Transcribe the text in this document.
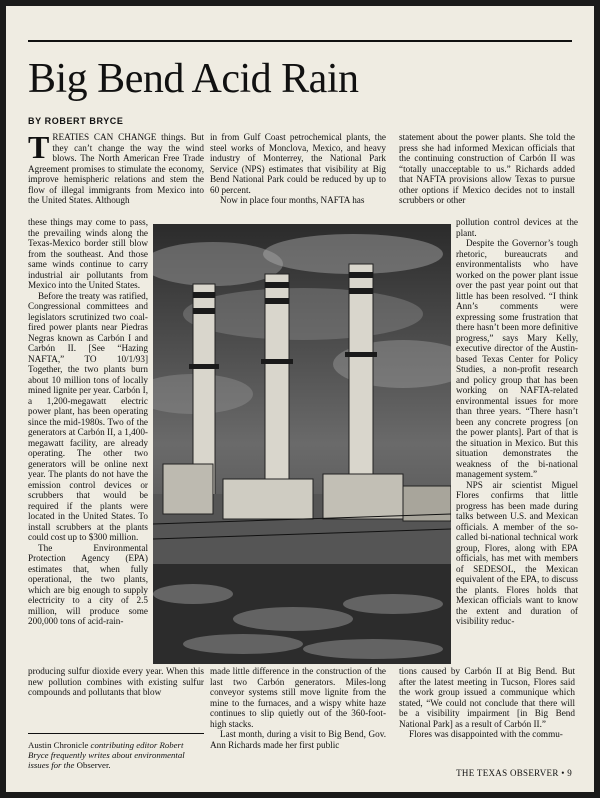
Big Bend Acid Rain

BY ROBERT BRYCE

TREATIES CAN CHANGE things. But they can’t change the way the wind blows. The North American Free Trade Agreement promises to stimulate the economy, improve hemispheric relations and stem the flow of illegal immigrants from Mexico into the United States. Although

these things may come to pass, the prevailing winds along the Texas-Mexico border still blow from the southeast. And those same winds continue to carry industrial air pollutants from Mexico into the United States.

Before the treaty was ratified, Congressional committees and legislators scrutinized two coal-fired power plants near Piedras Negras known as Carbón I and Carbón II. [See “Hazing NAFTA,” TO 10/1/93] Together, the two plants burn about 10 million tons of locally mined lignite per year. Carbón I, a 1,200-megawatt electric power plant, has been operating since the mid-1980s. Two of the generators at Carbón II, a 1,400-megawatt facility, are already operating. The other two generators will be online next year. The plants do not have the emission control devices or scrubbers that would be required if the plants were located in the United States. To install scrubbers at the plants could cost up to $300 million.

The Environmental Protection Agency (EPA) estimates that, when fully operational, the two plants, which are big enough to supply electricity to a city of 2.5 million, will produce some 200,000 tons of acid-rain-

in from Gulf Coast petrochemical plants, the steel works of Monclova, Mexico, and heavy industry of Monterrey, the National Park Service (NPS) estimates that visibility at Big Bend National Park could be reduced by up to 60 percent.

Now in place four months, NAFTA has

statement about the power plants. She told the press she had informed Mexican officials that the continuing construction of Carbón II was “totally unacceptable to us.” Richards added that NAFTA provisions allow Texas to pursue other options if Mexico decides not to install scrubbers or other

pollution control devices at the plant.

Despite the Governor’s tough rhetoric, bureaucrats and environmentalists who have worked on the power plant issue over the past year point out that little has been resolved. “I think Ann’s comments were expressing some frustration that there hasn’t been more definitive progress,” says Mary Kelly, executive director of the Austin-based Texas Center for Policy Studies, a non-profit research and policy group that has been working on NAFTA-related environmental issues for more than three years. “There hasn’t been any concrete progress [on the power plants]. Part of that is the situation in Mexico. But this situation demonstrates the weakness of the bi-national management system.”

NPS air scientist Miguel Flores confirms that little progress has been made during talks between U.S. and Mexican officials. A member of the so-called bi-national technical work group, Flores, along with EPA officials, has met with members of SEDESOL, the Mexican equivalent of the EPA, to discuss the plants. Flores holds that Mexican officials want to know the extent and duration of visibility reduc-

producing sulfur dioxide every year. When this new pollution combines with existing sulfur compounds and pollutants that blow

made little difference in the construction of the last two Carbón generators. Miles-long conveyor systems still move lignite from the mine to the furnaces, and a wispy white haze continues to slip quietly out of the 360-foot-high stacks.

Last month, during a visit to Big Bend, Gov. Ann Richards made her first public

tions caused by Carbón II at Big Bend. But after the latest meeting in Tucson, Flores said the work group issued a communique which stated, “We could not conclude that there will be a visibility impairment [in Big Bend National Park] as a result of Carbón II.”

Flores was disappointed with the commu-

Austin Chronicle contributing editor Robert Bryce frequently writes about environmental issues for the Observer.
THE TEXAS OBSERVER • 9
